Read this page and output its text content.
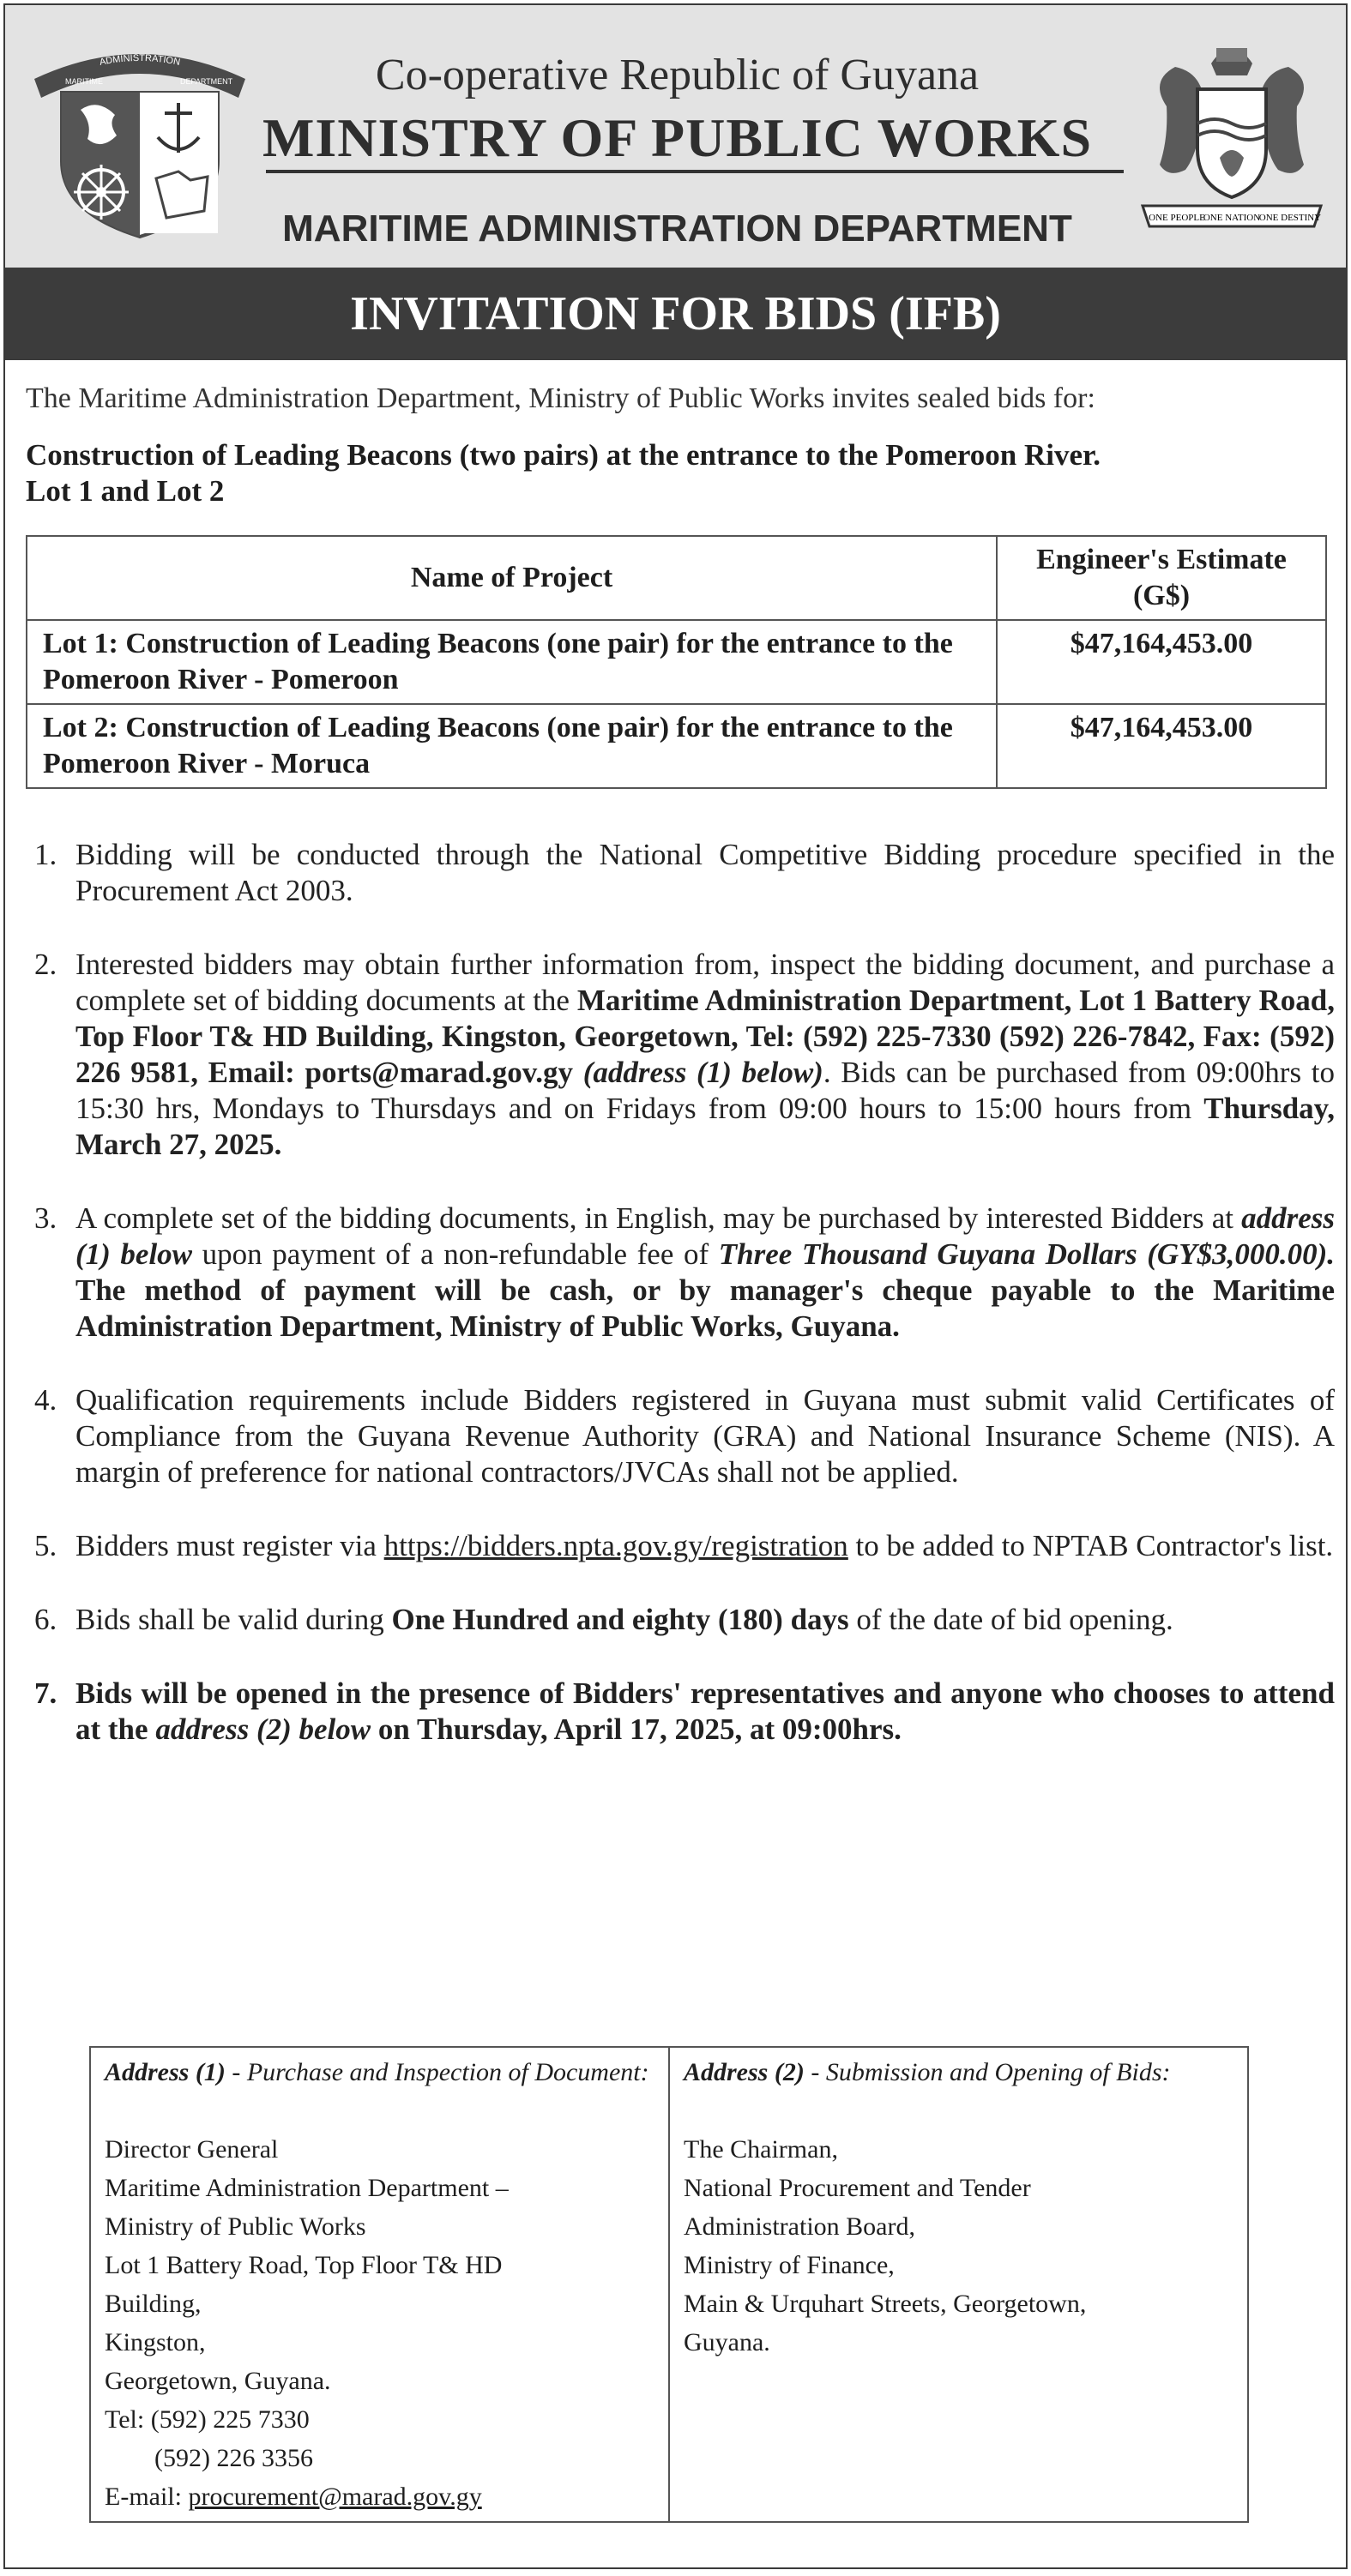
ADMINISTRATION
MARITIME	DEPARTMENT	Co-operative Republic of Guyana
MINISTRY OF PUBLIC WORKS
MARITIME ADMINISTRATION DEPARTMENT	ONE PEOPLE
ONE NATION
ONE DESTINY
INVITATION FOR BIDS (IFB)

The Maritime Administration Department, Ministry of Public Works invites sealed bids for:

Construction of Leading Beacons (two pairs) at the entrance to the Pomeroon River.
Lot 1 and Lot 2

Name of Project	Engineer's Estimate (G$)
Lot 1: Construction of Leading Beacons (one pair) for the entrance to the Pomeroon River - Pomeroon	$47,164,453.00
Lot 2: Construction of Leading Beacons (one pair) for the entrance to the Pomeroon River - Moruca	$47,164,453.00
1. Bidding will be conducted through the National Competitive Bidding procedure specified in the Procurement Act 2003.
2. Interested bidders may obtain further information from, inspect the bidding document, and purchase a complete set of bidding documents at the Maritime Administration Department, Lot 1 Battery Road, Top Floor T& HD Building, Kingston, Georgetown, Tel: (592) 225-7330 (592) 226-7842, Fax: (592) 226 9581, Email: ports@marad.gov.gy (address (1) below). Bids can be purchased from 09:00hrs to 15:30 hrs, Mondays to Thursdays and on Fridays from 09:00 hours to 15:00 hours from Thursday, March 27, 2025.
3. A complete set of the bidding documents, in English, may be purchased by interested Bidders at address (1) below upon payment of a non-refundable fee of Three Thousand Guyana Dollars (GY$3,000.00). The method of payment will be cash, or by manager's cheque payable to the Maritime Administration Department, Ministry of Public Works, Guyana.
4. Qualification requirements include Bidders registered in Guyana must submit valid Certificates of Compliance from the Guyana Revenue Authority (GRA) and National Insurance Scheme (NIS). A margin of preference for national contractors/JVCAs shall not be applied.
5. Bidders must register via https://bidders.npta.gov.gy/registration to be added to NPTAB Contractor's list.
6. Bids shall be valid during One Hundred and eighty (180) days of the date of bid opening.
7. Bids will be opened in the presence of Bidders' representatives and anyone who chooses to attend at the address (2) below on Thursday, April 17, 2025, at 09:00hrs.
Address (1) - Purchase and Inspection of Document:
Director General
Maritime Administration Department –
Ministry of Public Works
Lot 1 Battery Road, Top Floor T& HD
Building,
Kingston,
Georgetown, Guyana.
Tel: (592) 225 7330
(592) 226 3356
E-mail: procurement@marad.gov.gy
	Address (2) - Submission and Opening of Bids:
The Chairman,
National Procurement and Tender
Administration Board,
Ministry of Finance,
Main & Urquhart Streets, Georgetown,
Guyana.
